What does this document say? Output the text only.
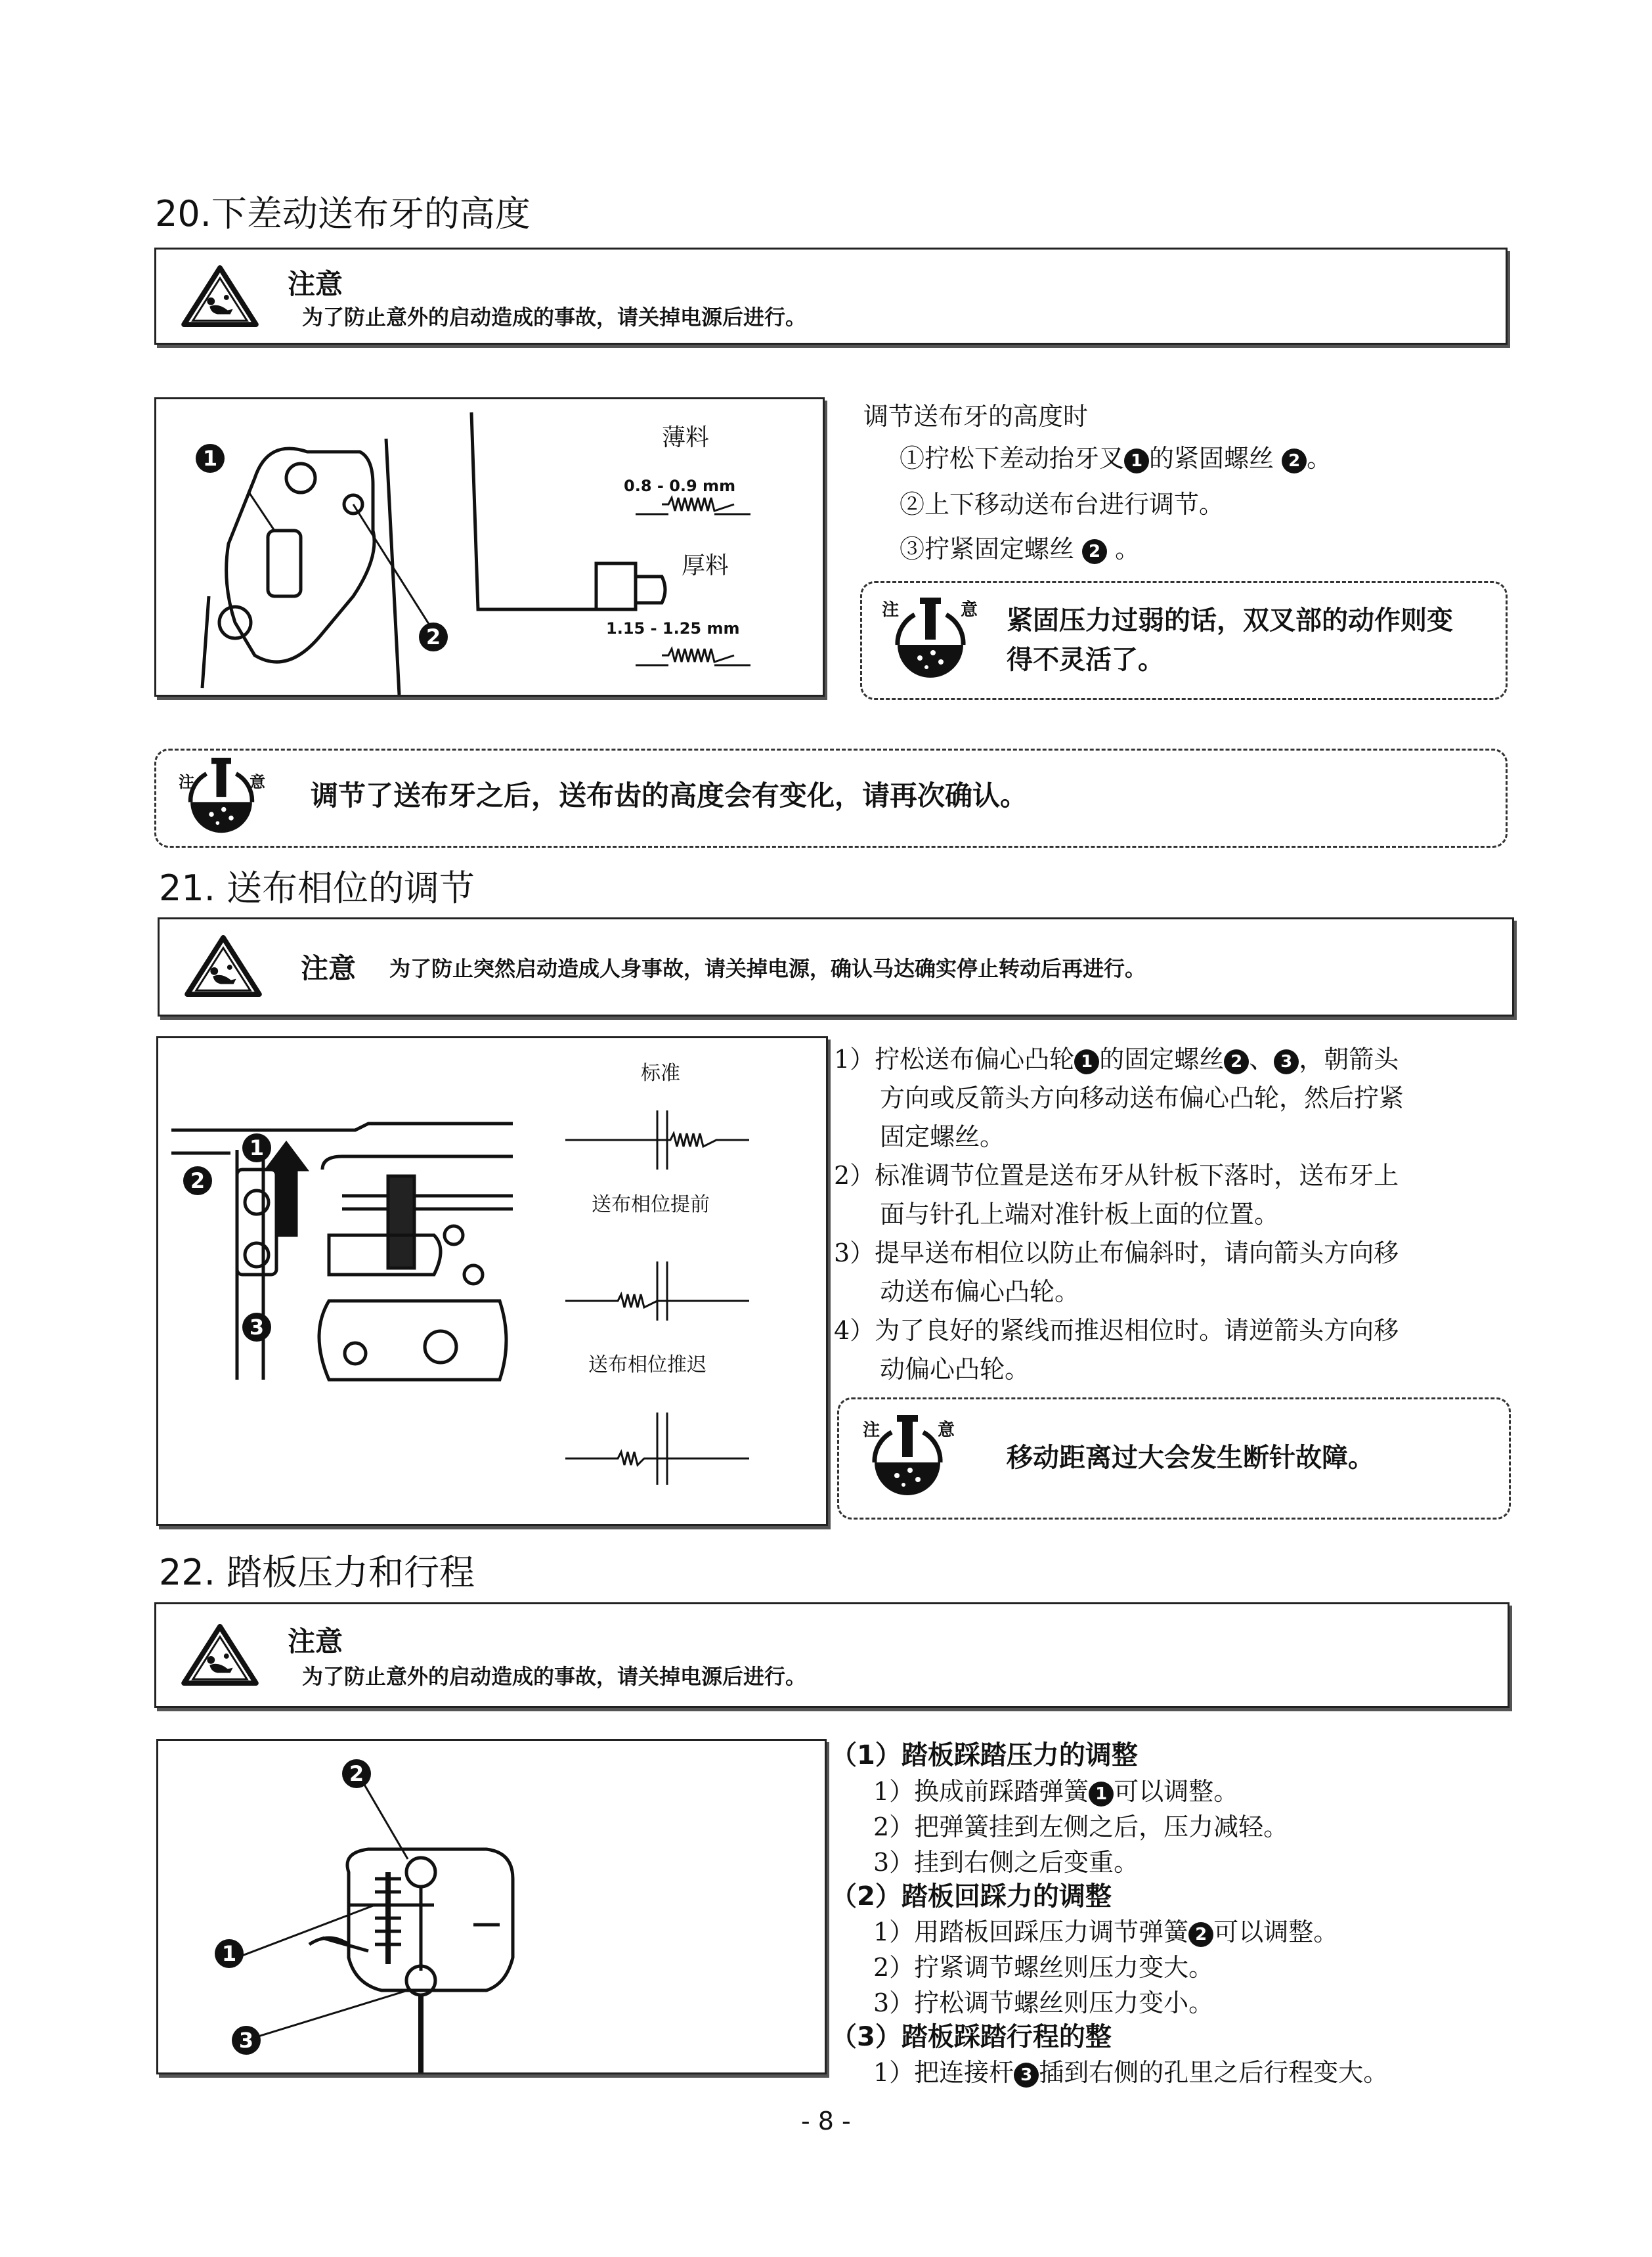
20.下差动送布牙的高度
注意
为了防止意外的启动造成的事故，请关掉电源后进行。
1
2
薄料
0.8 - 0.9 mm
厚料
1.15 - 1.25 mm
调节送布牙的高度时
①拧松下差动抬牙叉 1 的紧固螺丝 2 。
②上下移动送布台进行调节。
③拧紧固定螺丝 2 。
注	意 紧固压力过弱的话，双叉部的动作则变
得不灵活了。
注	意 调节了送布牙之后，送布齿的高度会有变化，请再次确认。
21. 送布相位的调节
注意 为了防止突然启动造成人身事故，请关掉电源，确认马达确实停止转动后再进行。
1
2
3
标准
送布相位提前
送布相位推迟
1）拧松送布偏心凸轮 1 的固定螺丝 2 、 3 ，朝箭头
方向或反箭头方向移动送布偏心凸轮，然后拧紧
固定螺丝。
2）标准调节位置是送布牙从针板下落时，送布牙上
面与针孔上端对准针板上面的位置。
3）提早送布相位以防止布偏斜时，请向箭头方向移
动送布偏心凸轮。
4）为了良好的紧线而推迟相位时。请逆箭头方向移
动偏心凸轮。
注	意
移动距离过大会发生断针故障。
22. 踏板压力和行程
注意
为了防止意外的启动造成的事故，请关掉电源后进行。
2
1
3
（1）踏板踩踏压力的调整
1）换成前踩踏弹簧 1 可以调整。
2）把弹簧挂到左侧之后，压力减轻。
3）挂到右侧之后变重。
（2）踏板回踩力的调整
1）用踏板回踩压力调节弹簧 2 可以调整。
2）拧紧调节螺丝则压力变大。
3）拧松调节螺丝则压力变小。
（3）踏板踩踏行程的整
1）把连接杆 3 插到右侧的孔里之后行程变大。
- 8 -
